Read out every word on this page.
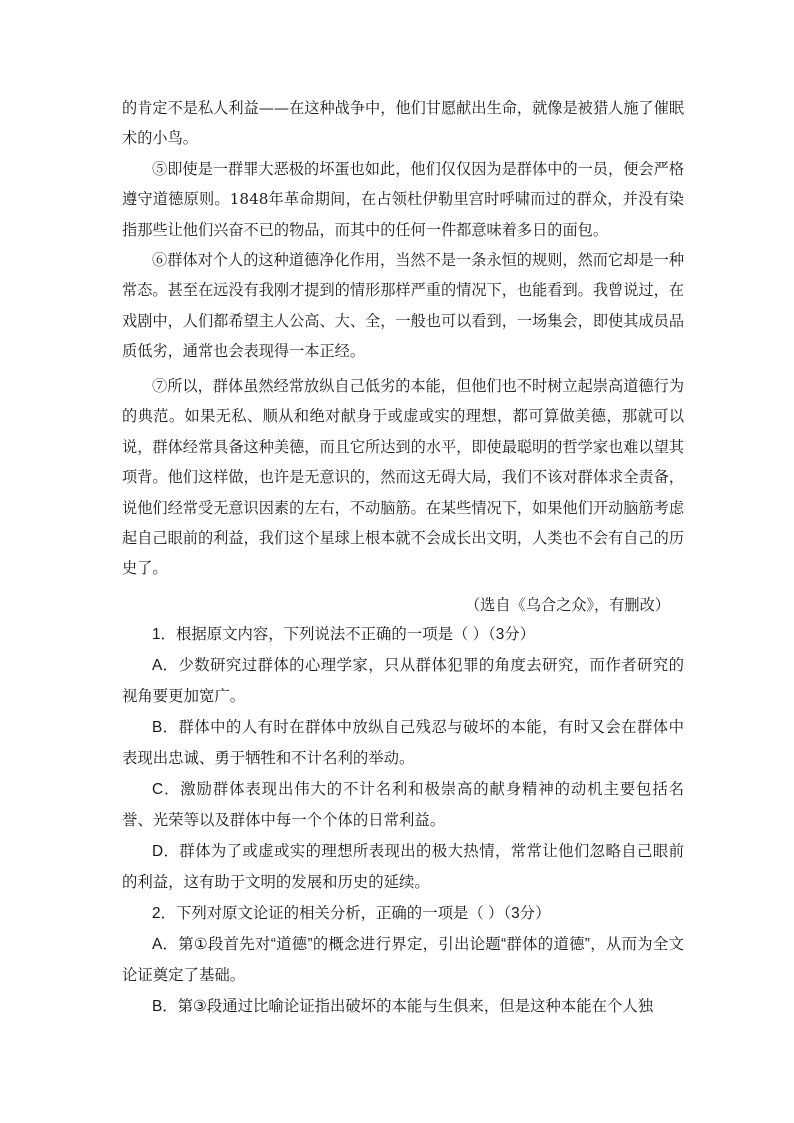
的肯定不是私人利益——在这种战争中，他们甘愿献出生命，就像是被猎人施了催眠术的小鸟。

⑤即使是一群罪大恶极的坏蛋也如此，他们仅仅因为是群体中的一员，便会严格遵守道德原则。1848年革命期间，在占领杜伊勒里宫时呼啸而过的群众，并没有染指那些让他们兴奋不已的物品，而其中的任何一件都意味着多日的面包。

⑥群体对个人的这种道德净化作用，当然不是一条永恒的规则，然而它却是一种常态。甚至在远没有我刚才提到的情形那样严重的情况下，也能看到。我曾说过，在戏剧中，人们都希望主人公高、大、全，一般也可以看到，一场集会，即使其成员品质低劣，通常也会表现得一本正经。

⑦所以，群体虽然经常放纵自己低劣的本能，但他们也不时树立起崇高道德行为的典范。如果无私、顺从和绝对献身于或虚或实的理想，都可算做美德，那就可以说，群体经常具备这种美德，而且它所达到的水平，即使最聪明的哲学家也难以望其项背。他们这样做，也许是无意识的，然而这无碍大局，我们不该对群体求全责备，说他们经常受无意识因素的左右，不动脑筋。在某些情况下，如果他们开动脑筋考虑起自己眼前的利益，我们这个星球上根本就不会成长出文明，人类也不会有自己的历史了。

（选自《乌合之众》，有删改）

1．根据原文内容，下列说法不正确的一项是（ ）（3分）

A．少数研究过群体的心理学家，只从群体犯罪的角度去研究，而作者研究的视角要更加宽广。

B．群体中的人有时在群体中放纵自己残忍与破坏的本能，有时又会在群体中表现出忠诚、勇于牺牲和不计名利的举动。

C．激励群体表现出伟大的不计名利和极崇高的献身精神的动机主要包括名誉、光荣等以及群体中每一个个体的日常利益。

D．群体为了或虚或实的理想所表现出的极大热情，常常让他们忽略自己眼前的利益，这有助于文明的发展和历史的延续。

2．下列对原文论证的相关分析，正确的一项是（ ）（3分）

A．第①段首先对“道德”的概念进行界定，引出论题“群体的道德”，从而为全文论证奠定了基础。

B．第③段通过比喻论证指出破坏的本能与生俱来，但是这种本能在个人独
